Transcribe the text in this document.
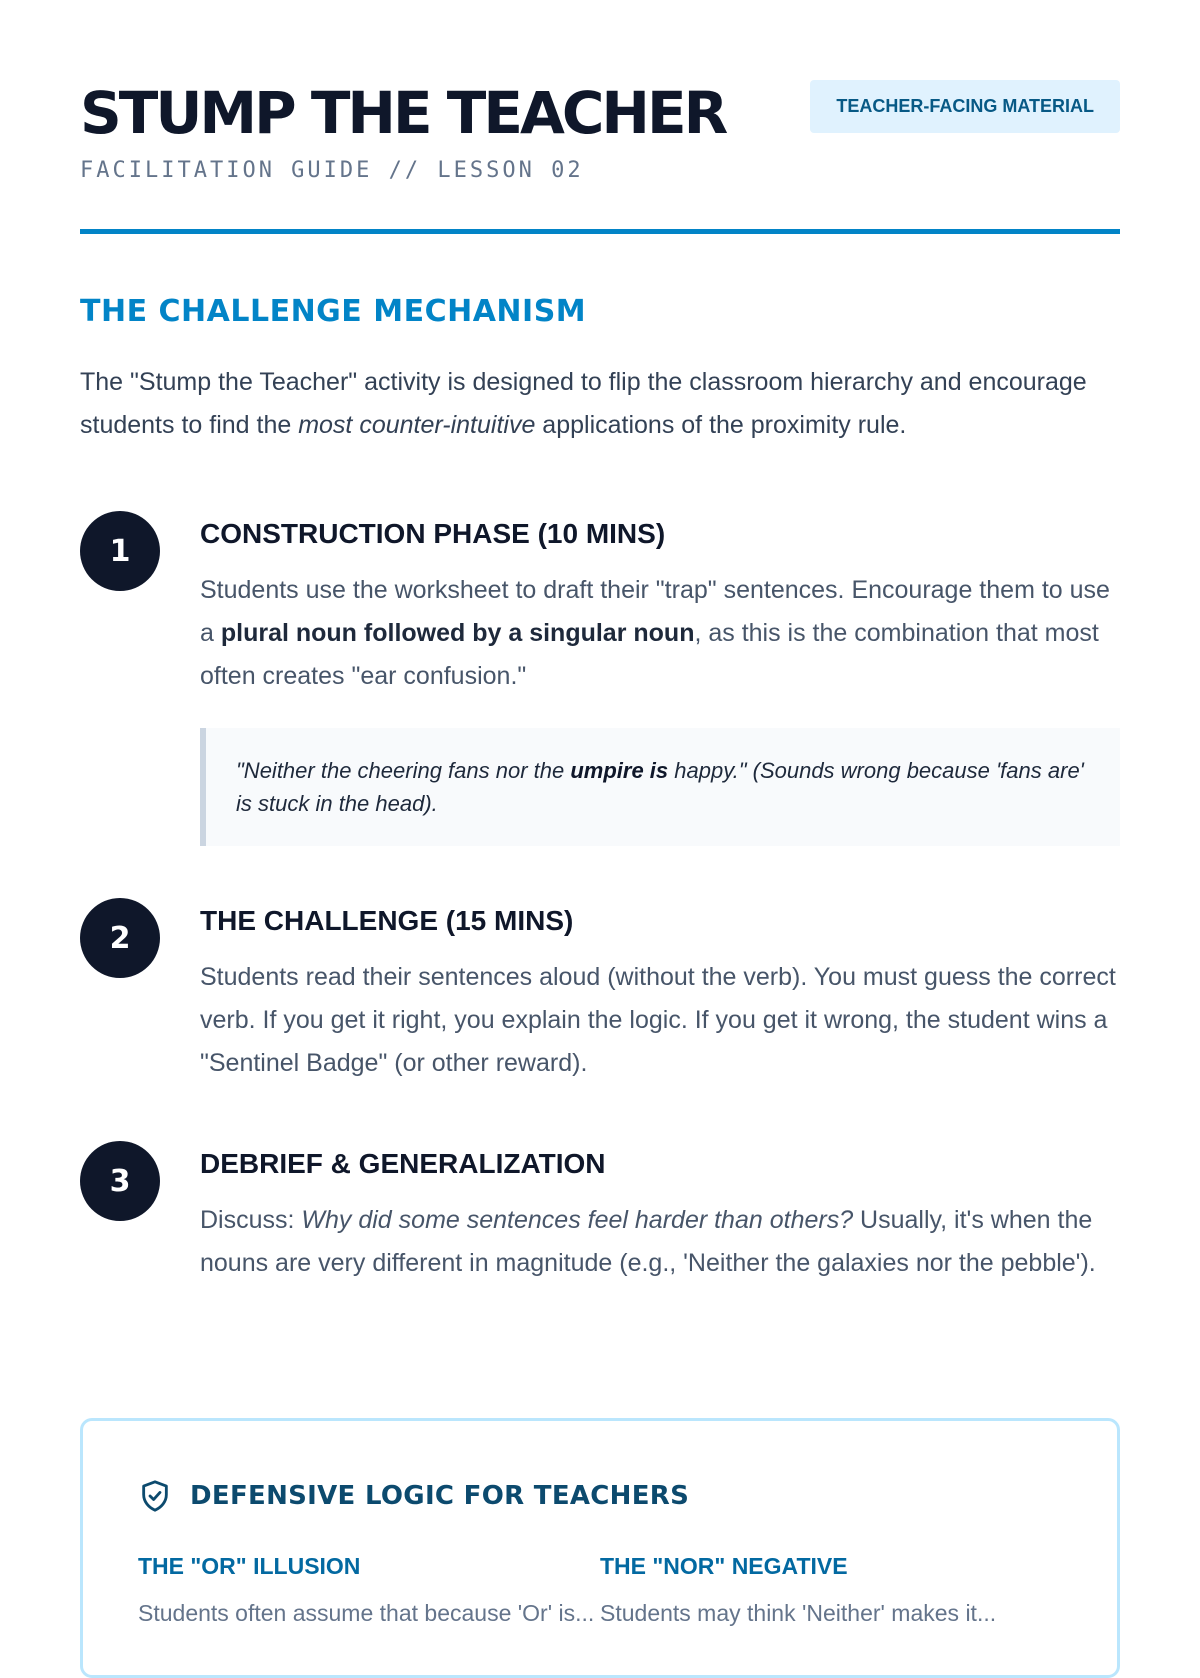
STUMP THE TEACHER
FACILITATION GUIDE // LESSON 02
TEACHER-FACING MATERIAL
THE CHALLENGE MECHANISM

The "Stump the Teacher" activity is designed to flip the classroom hierarchy and encourage students to find the most counter-intuitive applications of the proximity rule.

1	CONSTRUCTION PHASE (10 MINS)

Students use the worksheet to draft their "trap" sentences. Encourage them to use a plural noun followed by a singular noun, as this is the combination that most often creates "ear confusion."

"Neither the cheering fans nor the umpire is happy." (Sounds wrong because 'fans are' is stuck in the head).
2	THE CHALLENGE (15 MINS)

Students read their sentences aloud (without the verb). You must guess the correct verb. If you get it right, you explain the logic. If you get it wrong, the student wins a "Sentinel Badge" (or other reward).

3	DEBRIEF & GENERALIZATION

Discuss: Why did some sentences feel harder than others? Usually, it's when the nouns are very different in magnitude (e.g., 'Neither the galaxies nor the pebble').

DEFENSIVE LOGIC FOR TEACHERS
THE "OR" ILLUSION
Students often assume that because 'Or' is...
THE "NOR" NEGATIVE
Students may think 'Neither' makes it...
